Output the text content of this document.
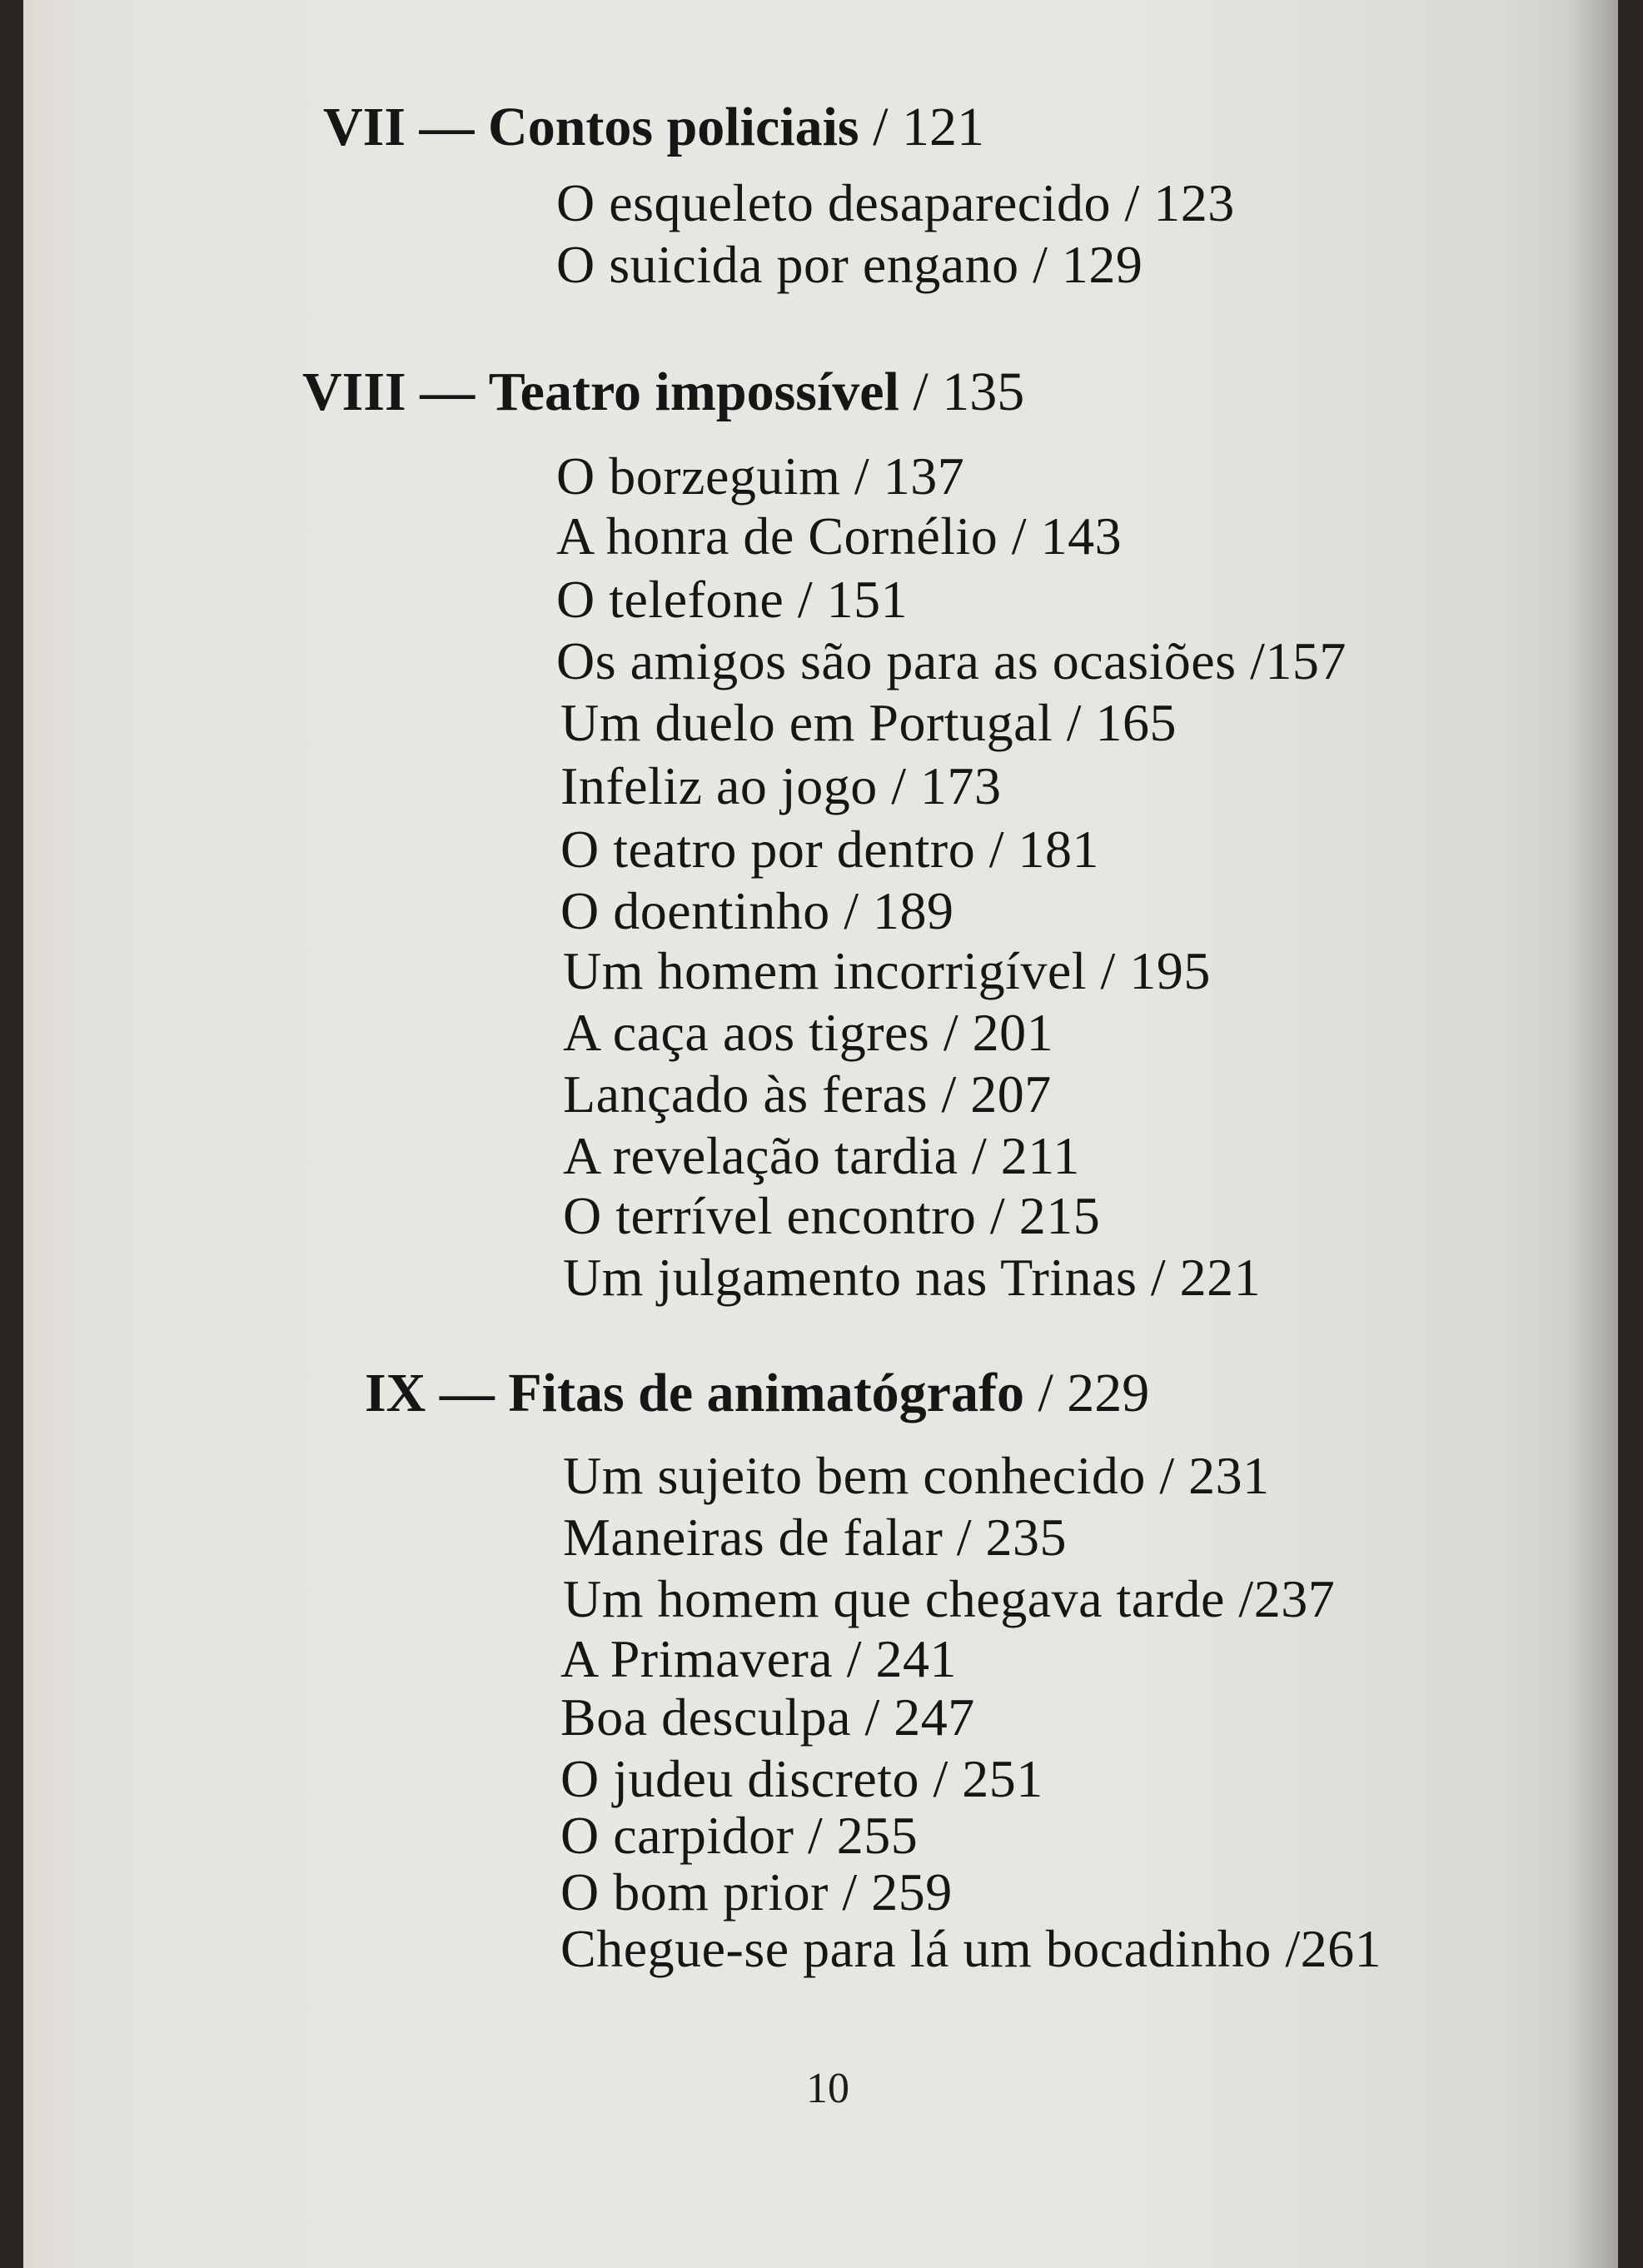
VII — Contos policiais / 121
O esqueleto desaparecido / 123
O suicida por engano / 129
VIII — Teatro impossível / 135
O borzeguim / 137
A honra de Cornélio / 143
O telefone / 151
Os amigos são para as ocasiões /157
Um duelo em Portugal / 165
Infeliz ao jogo / 173
O teatro por dentro / 181
O doentinho / 189
Um homem incorrigível / 195
A caça aos tigres / 201
Lançado às feras / 207
A revelação tardia / 211
O terrível encontro / 215
Um julgamento nas Trinas / 221
IX — Fitas de animatógrafo / 229
Um sujeito bem conhecido / 231
Maneiras de falar / 235
Um homem que chegava tarde /237
A Primavera / 241
Boa desculpa / 247
O judeu discreto / 251
O carpidor / 255
O bom prior / 259
Chegue-se para lá um bocadinho /261
10
